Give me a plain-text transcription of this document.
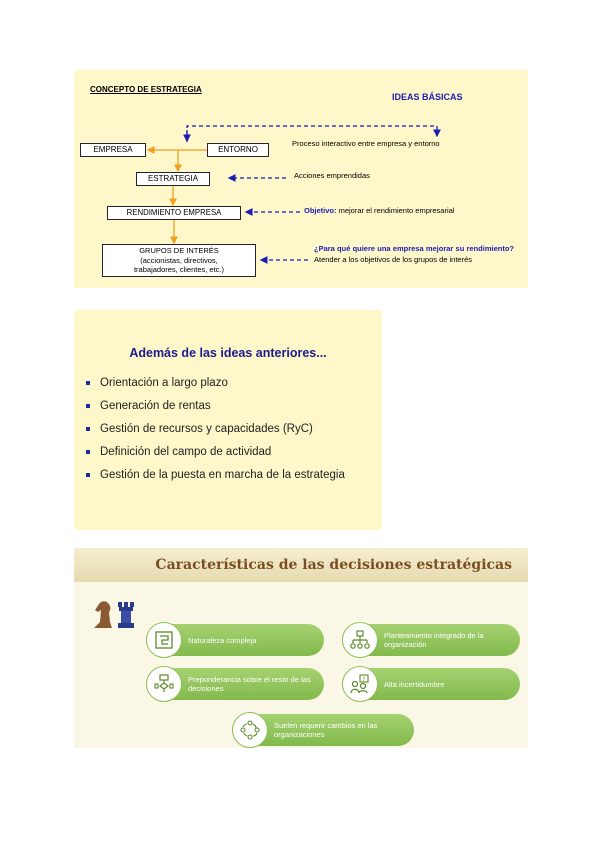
CONCEPTO DE ESTRATEGIA
IDEAS BÁSICAS
EMPRESA	ENTORNO
ESTRATEGIA
RENDIMIENTO EMPRESA
GRUPOS DE INTERÉS
(accionistas, directivos,
trabajadores, clientes, etc.)
Proceso interactivo entre empresa y entorno
Acciones emprendidas
Objetivo: mejorar el rendimiento empresarial
¿Para qué quiere una empresa mejorar su rendimiento? Atender a los objetivos de los grupos de interés
Además de las ideas anteriores...
Orientación a largo plazo
Generación de rentas
Gestión de recursos y capacidades (RyC)
Definición del campo de actividad
Gestión de la puesta en marcha de la estrategia
Características de las decisiones estratégicas
Naturaleza compleja	Planteamiento integrado de la organización
Preponderancia sobre el resto de las decisiones
?	Alta incertidumbre
Suelen requerir cambios en las organizaciones
